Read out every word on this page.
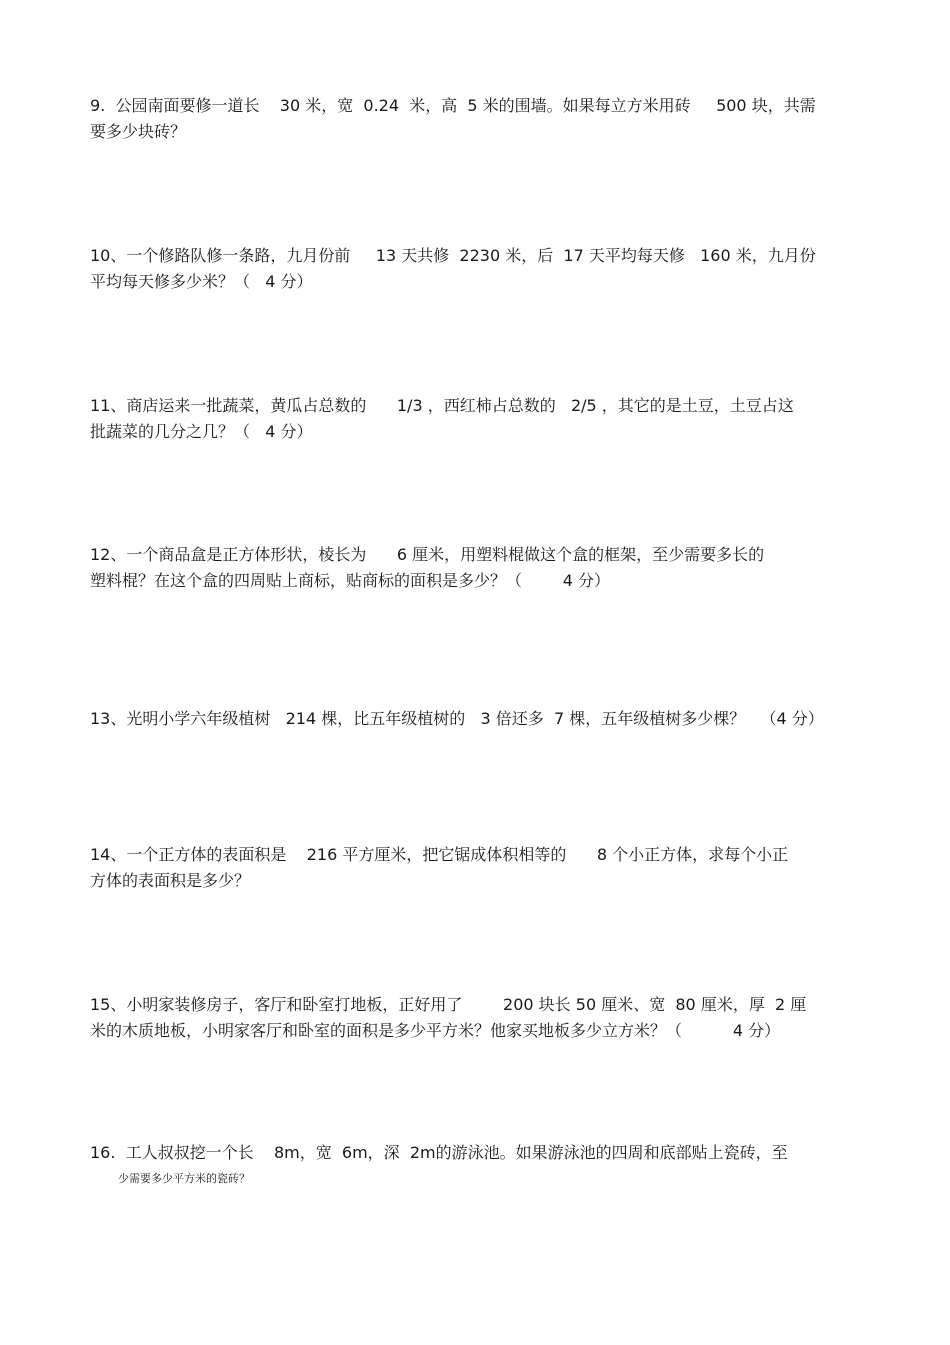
9.  公园南面要修一道长    30 米，宽  0.24  米，高  5 米的围墙。如果每立方米用砖     500 块，共需

要多少块砖？

10、一个修路队修一条路，九月份前     13 天共修  2230 米，后  17 天平均每天修   160 米，九月份

平均每天修多少米？（   4 分）

11、商店运来一批蔬菜，黄瓜占总数的      1/3 ，西红柿占总数的   2/5 ，其它的是土豆，土豆占这

批蔬菜的几分之几？（   4 分）

12、一个商品盒是正方体形状，棱长为      6 厘米，用塑料棍做这个盒的框架，至少需要多长的

塑料棍？在这个盒的四周贴上商标，贴商标的面积是多少？（        4 分）

13、光明小学六年级植树   214 棵，比五年级植树的   3 倍还多  7 棵，五年级植树多少棵？   （4 分）

14、一个正方体的表面积是    216 平方厘米，把它锯成体积相等的      8 个小正方体，求每个小正

方体的表面积是多少？

15、小明家装修房子，客厅和卧室打地板，正好用了        200 块长 50 厘米、宽  80 厘米，厚  2 厘

米的木质地板，小明家客厅和卧室的面积是多少平方米？他家买地板多少立方米？（          4 分）

16.  工人叔叔挖一个长    8m，宽  6m，深  2m的游泳池。如果游泳池的四周和底部贴上瓷砖，至

少需要多少平方米的瓷砖？
